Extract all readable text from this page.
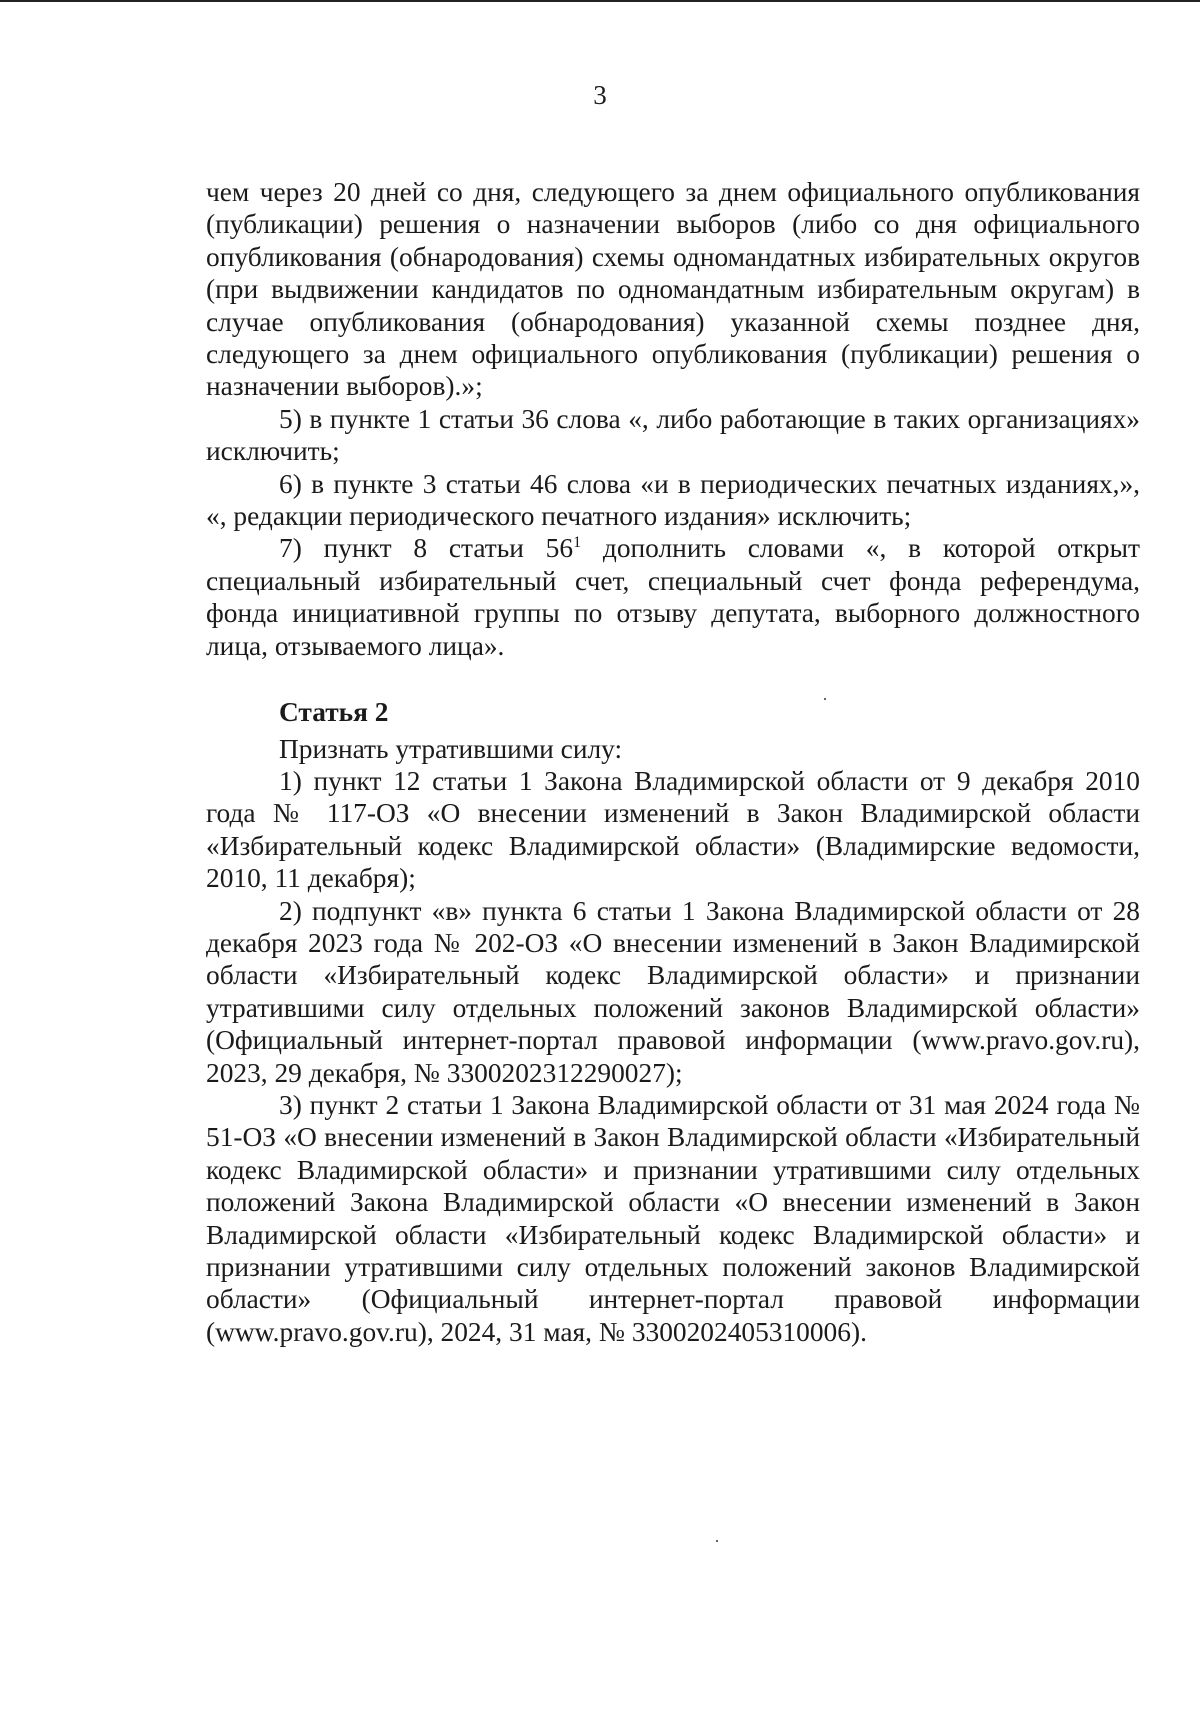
3

чем через 20 дней со дня, следующего за днем официального опубликования (публикации) решения о назначении выборов (либо со дня официального опубликования (обнародования) схемы одномандатных избирательных округов (при выдвижении кандидатов по одномандатным избирательным округам) в случае опубликования (обнародования) указанной схемы позднее дня, следующего за днем официального опубликования (публикации) решения о назначении выборов).»;

5) в пункте 1 статьи 36 слова «, либо работающие в таких организациях» исключить;

6) в пункте 3 статьи 46 слова «и в периодических печатных изданиях,», «, редакции периодического печатного издания» исключить;

7) пункт 8 статьи $56^1$ дополнить словами «, в которой открыт специальный избирательный счет, специальный счет фонда референдума, фонда инициативной группы по отзыву депутата, выборного должностного лица, отзываемого лица».

Статья 2

Признать утратившими силу:

1) пункт 12 статьи 1 Закона Владимирской области от 9 декабря 2010 года № 117-ОЗ «О внесении изменений в Закон Владимирской области «Избирательный кодекс Владимирской области» (Владимирские ведомости, 2010, 11 декабря);

2) подпункт «в» пункта 6 статьи 1 Закона Владимирской области от 28 декабря 2023 года № 202-ОЗ «О внесении изменений в Закон Владимирской области «Избирательный кодекс Владимирской области» и признании утратившими силу отдельных положений законов Владимирской области» (Официальный интернет-портал правовой информации (www.pravo.gov.ru), 2023, 29 декабря, № 3300202312290027);

3) пункт 2 статьи 1 Закона Владимирской области от 31 мая 2024 года № 51-ОЗ «О внесении изменений в Закон Владимирской области «Избирательный кодекс Владимирской области» и признании утратившими силу отдельных положений Закона Владимирской области «О внесении изменений в Закон Владимирской области «Избирательный кодекс Владимирской области» и признании утратившими силу отдельных положений законов Владимирской области» (Официальный интернет-портал правовой информации (www.pravo.gov.ru), 2024, 31 мая, № 3300202405310006).
